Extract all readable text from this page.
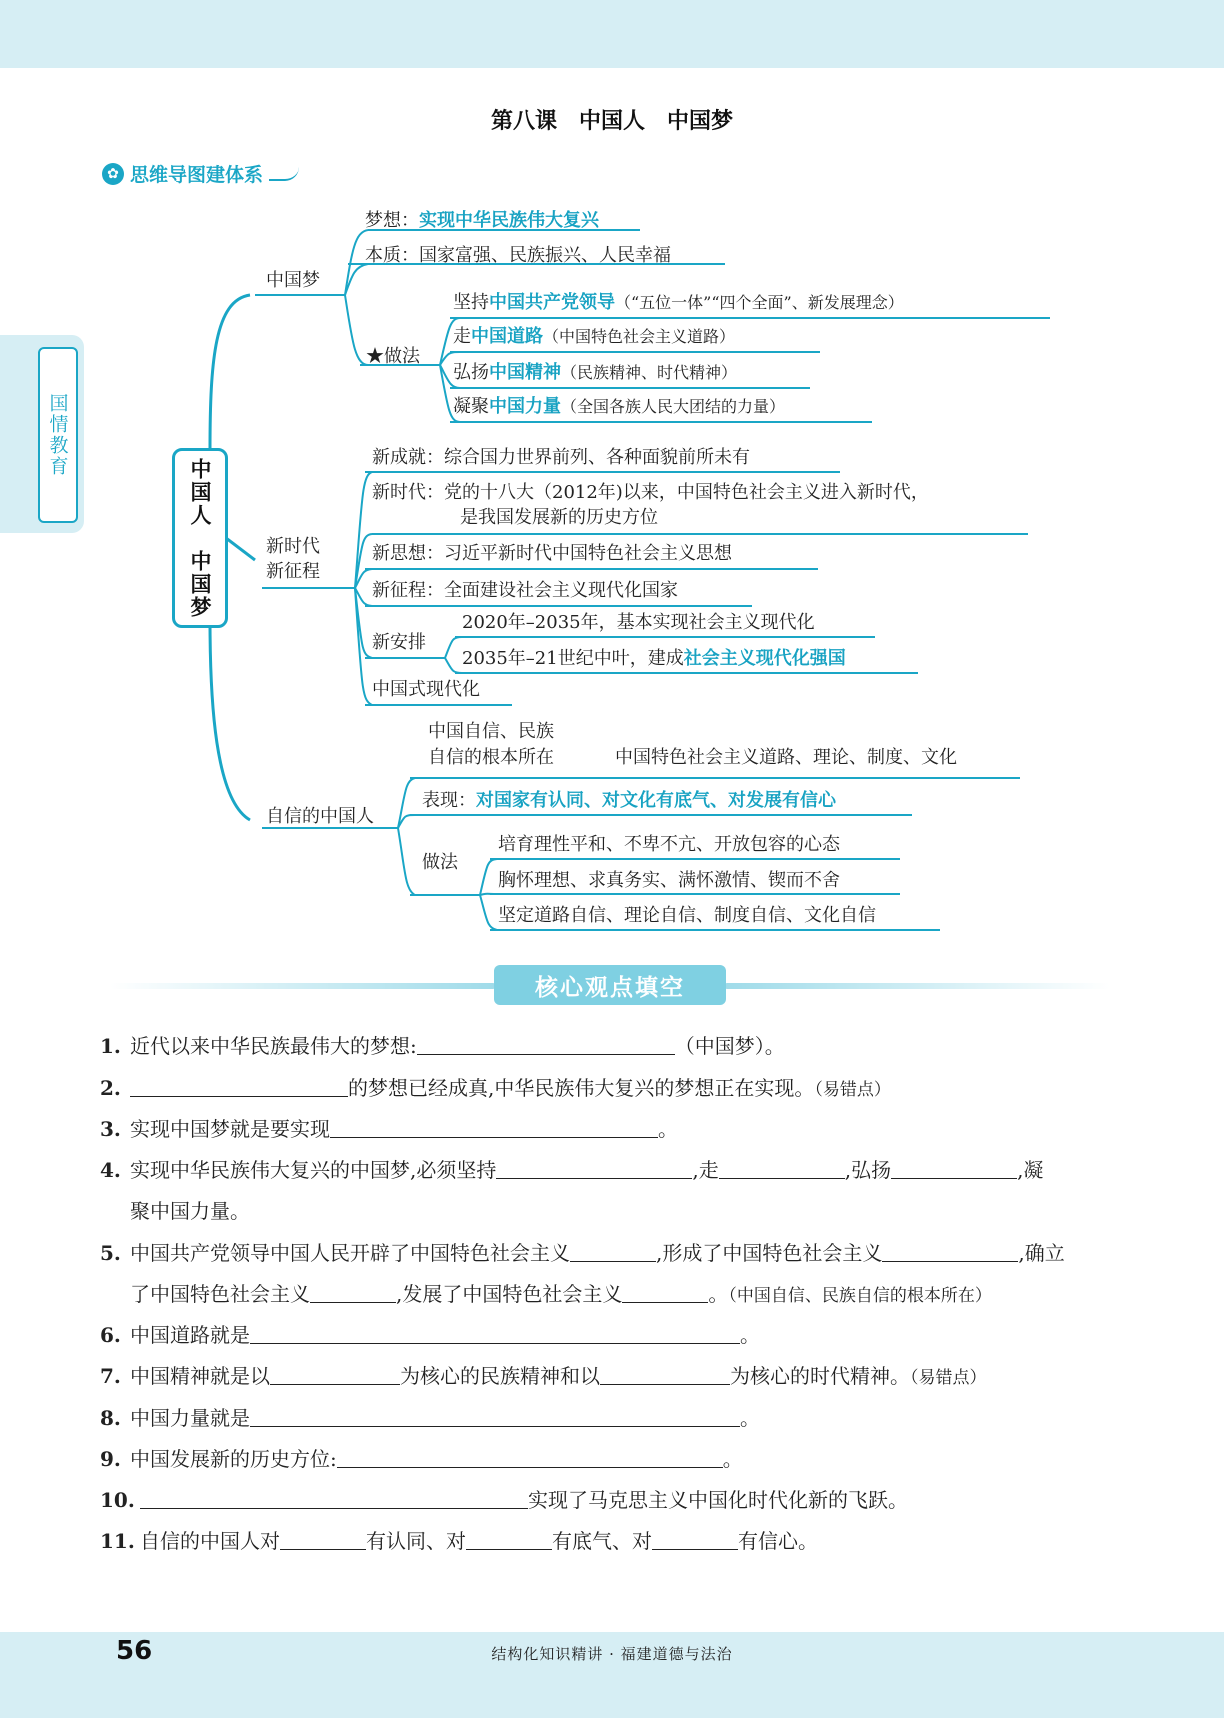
国情教育
第八课　中国人　中国梦
✿ 思维导图建体系
中国人　中国梦
中国梦
梦想：实现中华民族伟大复兴
本质：国家富强、民族振兴、人民幸福
★做法
坚持中国共产党领导（“五位一体”“四个全面”、新发展理念）
走中国道路（中国特色社会主义道路）
弘扬中国精神（民族精神、时代精神）
凝聚中国力量（全国各族人民大团结的力量）
新时代
新征程
新成就：综合国力世界前列、各种面貌前所未有
新时代：党的十八大（2012年)以来，中国特色社会主义进入新时代，
是我国发展新的历史方位
新思想：习近平新时代中国特色社会主义思想
新征程：全面建设社会主义现代化国家
新安排
2020年–2035年，基本实现社会主义现代化
2035年–21世纪中叶，建成社会主义现代化强国
中国式现代化
自信的中国人
中国自信、民族
自信的根本所在	中国特色社会主义道路、理论、制度、文化
表现：对国家有认同、对文化有底气、对发展有信心
做法
培育理性平和、不卑不亢、开放包容的心态
胸怀理想、求真务实、满怀激情、锲而不舍
坚定道路自信、理论自信、制度自信、文化自信
核心观点填空
1. 近代以来中华民族最伟大的梦想:	（中国梦）。
2.	的梦想已经成真,中华民族伟大复兴的梦想正在实现。（易错点）
3. 实现中国梦就是要实现	。
4. 实现中华民族伟大复兴的中国梦,必须坚持	,走	,弘扬	,凝
聚中国力量。
5. 中国共产党领导中国人民开辟了中国特色社会主义	,形成了中国特色社会主义	,确立
了中国特色社会主义	,发展了中国特色社会主义	。（中国自信、民族自信的根本所在）
6. 中国道路就是	。
7. 中国精神就是以	为核心的民族精神和以	为核心的时代精神。（易错点）
8. 中国力量就是	。
9. 中国发展新的历史方位:	。
10.	实现了马克思主义中国化时代化新的飞跃。
11. 自信的中国人对	有认同、对	有底气、对	有信心。
56	结构化知识精讲 · 福建道德与法治
